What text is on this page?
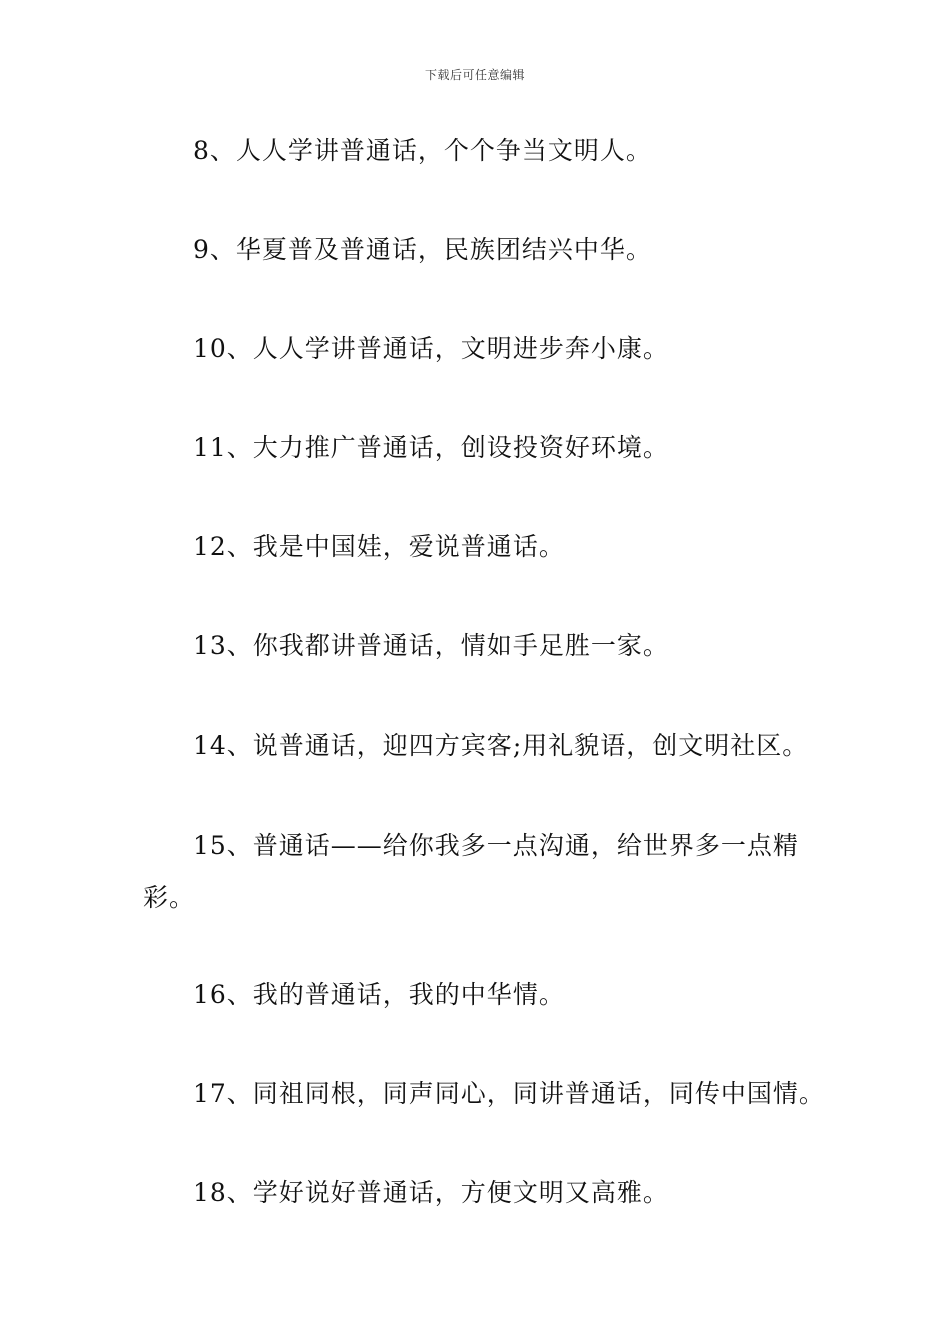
下载后可任意编辑
8、人人学讲普通话，个个争当文明人。
9、华夏普及普通话，民族团结兴中华。
10、人人学讲普通话，文明进步奔小康。
11、大力推广普通话，创设投资好环境。
12、我是中国娃，爱说普通话。
13、你我都讲普通话，情如手足胜一家。
14、说普通话，迎四方宾客;用礼貌语，创文明社区。
15、普通话——给你我多一点沟通，给世界多一点精
彩。
16、我的普通话，我的中华情。
17、同祖同根，同声同心，同讲普通话，同传中国情。
18、学好说好普通话，方便文明又高雅。
